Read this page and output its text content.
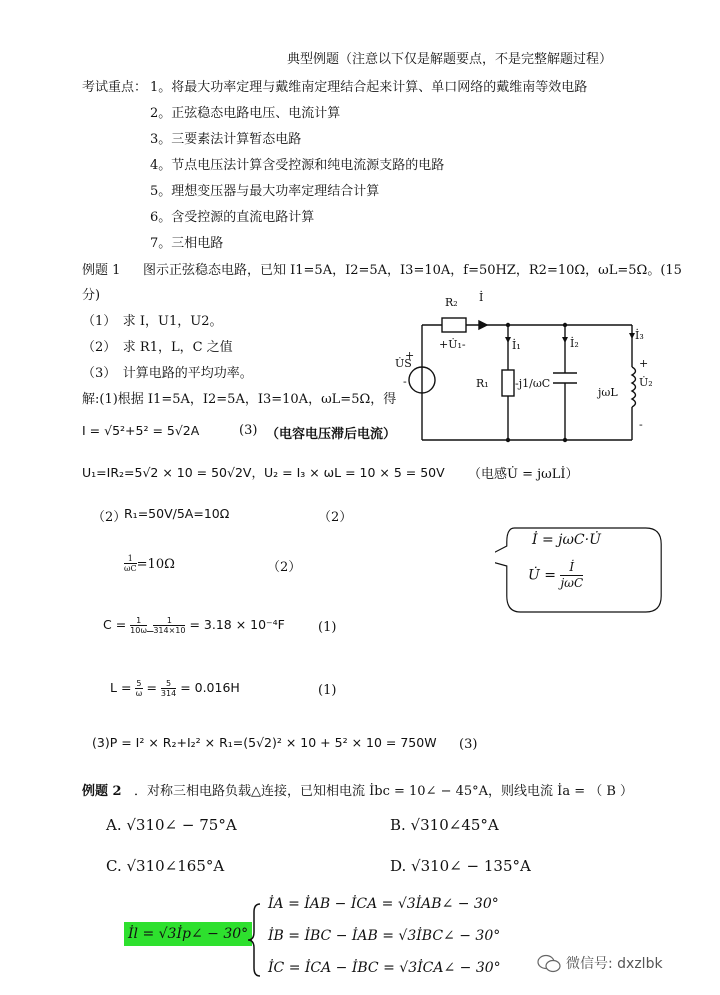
典型例题（注意以下仅是解题要点，不是完整解题过程）
考试重点： 1。将最大功率定理与戴维南定理结合起来计算、单口网络的戴维南等效电路
2。正弦稳态电路电压、电流计算
3。三要素法计算暂态电路
4。节点电压法计算含受控源和纯电流源支路的电路
5。理想变压器与最大功率定理结合计算
6。含受控源的直流电路计算
7。三相电路
例题 1 图示正弦稳态电路，已知 I1=5A，I2=5A，I3=10A，f=50HZ，R2=10Ω，ωL=5Ω。(15
分)
（1）　求 I，U1，U2。
（2）　求 R1，L，C 之值
（3）　计算电路的平均功率。
解:(1)根据 I1=5A，I2=5A，I3=10A，ωL=5Ω，得
R₂ İ
+U̇₁-	İ₁	İ₂
İ₃
U̇S
+
-	R₁ -j1/ωC
jωL
+
U̇₂
-
I = √5²+5² = 5√2A	(3) （电容电压滞后电流）
U₁=IR₂=5√2 × 10 = 50√2V，U₂ = I₃ × ωL = 10 × 5 = 50V （电感U̇ = jωLİ）
（2）
R₁=50V/5A=10Ω	（2）
$\frac{1}{\omega C} =10\Omega$	（2）
İ = jωC·U̇
U̇ = $\frac{İ}{\text{jωC}}$
$C = \frac{1}{10\omega}$ _ $\frac{1}{314\times 10} = 3.18 \times 10^{-4}F$	(1)
$L = \frac{5}{\omega} = \frac{5}{314} = 0.016H$	(1)
(3)P = I² × R₂+I₂² × R₁=(5√2)² × 10 + 5² × 10 = 750W (3)
例题 2 ．对称三相电路负载△连接，已知相电流 İbc = 10∠ − 45°A，则线电流 İa = （ B ）
A. √310∠ − 75°A	B. √310∠45°A
C. √310∠165°A	D. √310∠ − 135°A
İl = √3İp∠ − 30°
İA = İAB − İCA = √3İAB∠ − 30°
İB = İBC − İAB = √3İBC∠ − 30°
İC = İCA − İBC = √3İCA∠ − 30°	微信号: dxzlbk
